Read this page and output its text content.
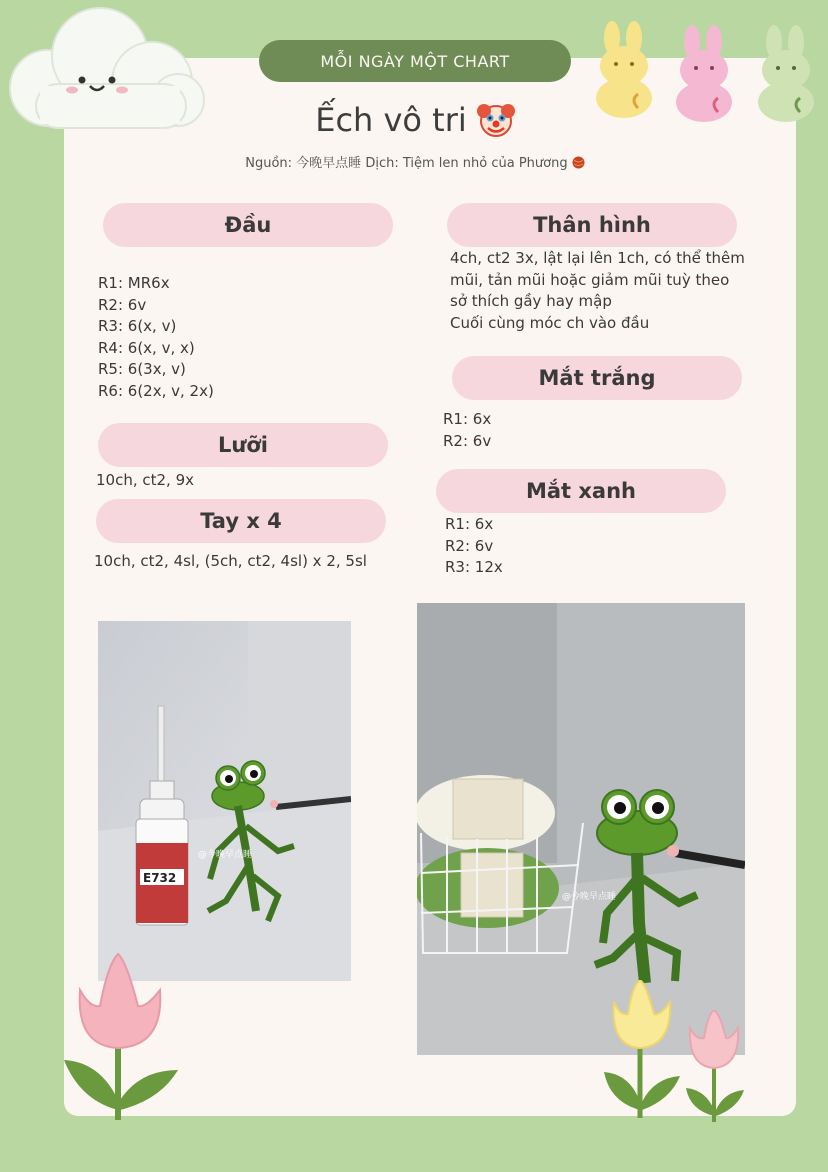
MỖI NGÀY MỘT CHART
Ếch vô tri
Nguồn: 今晚早点睡 Dịch: Tiệm len nhỏ của Phương
Đầu
R1: MR6x
R2: 6v
R3: 6(x, v)
R4: 6(x, v, x)
R5: 6(3x, v)
R6: 6(2x, v, 2x)
Lưỡi
10ch, ct2, 9x
Tay x 4
10ch, ct2, 4sl, (5ch, ct2, 4sl) x 2, 5sl
Thân hình
4ch, ct2 3x, lật lại lên 1ch, có thể thêm
mũi, tản mũi hoặc giảm mũi tuỳ theo
sở thích gầy hay mập
Cuối cùng móc ch vào đầu
Mắt trắng
R1: 6x
R2: 6v
Mắt xanh
R1: 6x
R2: 6v
R3: 12x
E732
@今晚早点睡
@今晚早点睡
